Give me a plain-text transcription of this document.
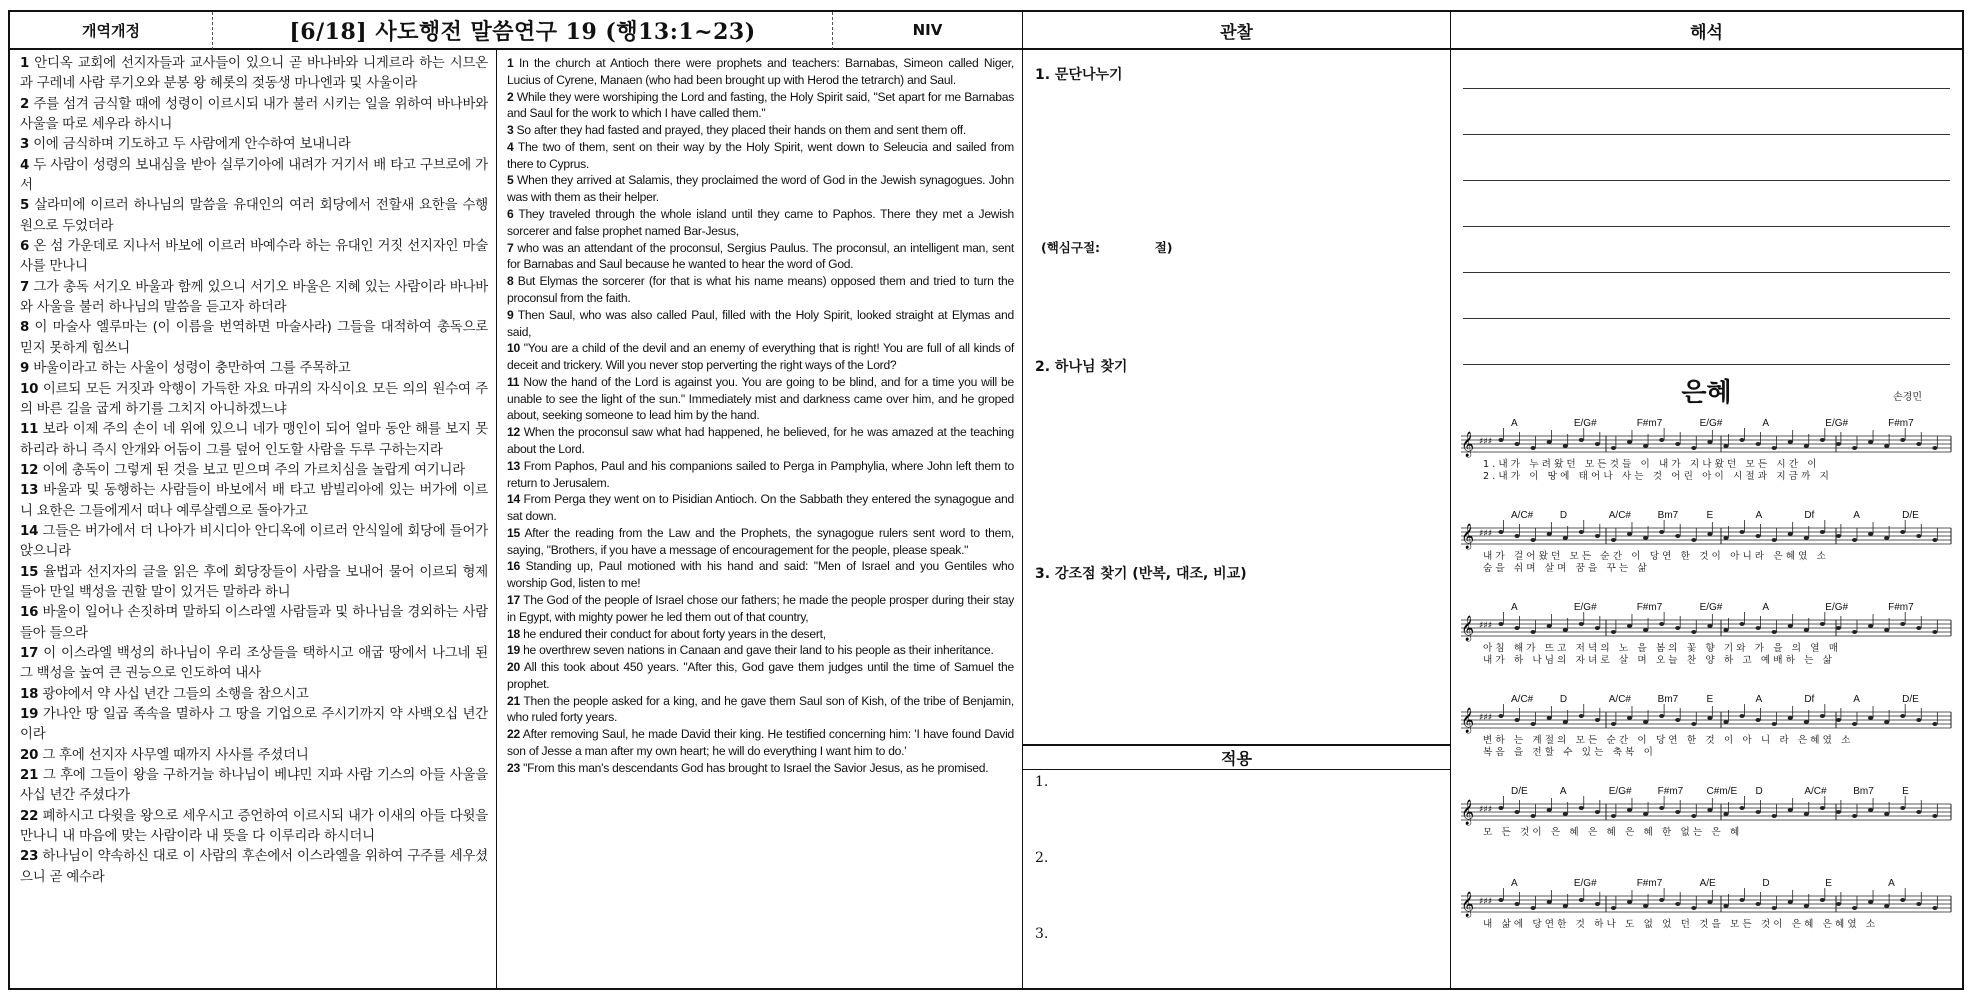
개역개정	[6/18] 사도행전 말씀연구 19 (행13:1~23)	NIV	관찰	해석
1 안디옥 교회에 선지자들과 교사들이 있으니 곧 바나바와 니게르라 하는 시므온과 구레네 사람 루기오와 분봉 왕 헤롯의 젖동생 마나엔과 및 사울이라
2 주를 섬겨 금식할 때에 성령이 이르시되 내가 불러 시키는 일을 위하여 바나바와 사울을 따로 세우라 하시니
3 이에 금식하며 기도하고 두 사람에게 안수하여 보내니라
4 두 사람이 성령의 보내심을 받아 실루기아에 내려가 거기서 배 타고 구브로에 가서
5 살라미에 이르러 하나님의 말씀을 유대인의 여러 회당에서 전할새 요한을 수행원으로 두었더라
6 온 섬 가운데로 지나서 바보에 이르러 바예수라 하는 유대인 거짓 선지자인 마술사를 만나니
7 그가 총독 서기오 바울과 함께 있으니 서기오 바울은 지혜 있는 사람이라 바나바와 사울을 불러 하나님의 말씀을 듣고자 하더라
8 이 마술사 엘루마는 (이 이름을 번역하면 마술사라) 그들을 대적하여 총독으로 믿지 못하게 힘쓰니
9 바울이라고 하는 사울이 성령이 충만하여 그를 주목하고
10 이르되 모든 거짓과 악행이 가득한 자요 마귀의 자식이요 모든 의의 원수여 주의 바른 길을 굽게 하기를 그치지 아니하겠느냐
11 보라 이제 주의 손이 네 위에 있으니 네가 맹인이 되어 얼마 동안 해를 보지 못하리라 하니 즉시 안개와 어둠이 그를 덮어 인도할 사람을 두루 구하는지라
12 이에 총독이 그렇게 된 것을 보고 믿으며 주의 가르치심을 놀랍게 여기니라
13 바울과 및 동행하는 사람들이 바보에서 배 타고 밤빌리아에 있는 버가에 이르니 요한은 그들에게서 떠나 예루살렘으로 돌아가고
14 그들은 버가에서 더 나아가 비시디아 안디옥에 이르러 안식일에 회당에 들어가 앉으니라
15 율법과 선지자의 글을 읽은 후에 회당장들이 사람을 보내어 물어 이르되 형제들아 만일 백성을 권할 말이 있거든 말하라 하니
16 바울이 일어나 손짓하며 말하되 이스라엘 사람들과 및 하나님을 경외하는 사람들아 들으라
17 이 이스라엘 백성의 하나님이 우리 조상들을 택하시고 애굽 땅에서 나그네 된 그 백성을 높여 큰 권능으로 인도하여 내사
18 광야에서 약 사십 년간 그들의 소행을 참으시고
19 가나안 땅 일곱 족속을 멸하사 그 땅을 기업으로 주시기까지 약 사백오십 년간이라
20 그 후에 선지자 사무엘 때까지 사사를 주셨더니
21 그 후에 그들이 왕을 구하거늘 하나님이 베냐민 지파 사람 기스의 아들 사울을 사십 년간 주셨다가
22 폐하시고 다윗을 왕으로 세우시고 증언하여 이르시되 내가 이새의 아들 다윗을 만나니 내 마음에 맞는 사람이라 내 뜻을 다 이루리라 하시더니
23 하나님이 약속하신 대로 이 사람의 후손에서 이스라엘을 위하여 구주를 세우셨으니 곧 예수라
1 In the church at Antioch there were prophets and teachers: Barnabas, Simeon called Niger, Lucius of Cyrene, Manaen (who had been brought up with Herod the tetrarch) and Saul.
2 While they were worshiping the Lord and fasting, the Holy Spirit said, "Set apart for me Barnabas and Saul for the work to which I have called them."
3 So after they had fasted and prayed, they placed their hands on them and sent them off.
4 The two of them, sent on their way by the Holy Spirit, went down to Seleucia and sailed from there to Cyprus.
5 When they arrived at Salamis, they proclaimed the word of God in the Jewish synagogues. John was with them as their helper.
6 They traveled through the whole island until they came to Paphos. There they met a Jewish sorcerer and false prophet named Bar-Jesus,
7 who was an attendant of the proconsul, Sergius Paulus. The proconsul, an intelligent man, sent for Barnabas and Saul because he wanted to hear the word of God.
8 But Elymas the sorcerer (for that is what his name means) opposed them and tried to turn the proconsul from the faith.
9 Then Saul, who was also called Paul, filled with the Holy Spirit, looked straight at Elymas and said,
10 "You are a child of the devil and an enemy of everything that is right! You are full of all kinds of deceit and trickery. Will you never stop perverting the right ways of the Lord?
11 Now the hand of the Lord is against you. You are going to be blind, and for a time you will be unable to see the light of the sun." Immediately mist and darkness came over him, and he groped about, seeking someone to lead him by the hand.
12 When the proconsul saw what had happened, he believed, for he was amazed at the teaching about the Lord.
13 From Paphos, Paul and his companions sailed to Perga in Pamphylia, where John left them to return to Jerusalem.
14 From Perga they went on to Pisidian Antioch. On the Sabbath they entered the synagogue and sat down.
15 After the reading from the Law and the Prophets, the synagogue rulers sent word to them, saying, "Brothers, if you have a message of encouragement for the people, please speak."
16 Standing up, Paul motioned with his hand and said: "Men of Israel and you Gentiles who worship God, listen to me!
17 The God of the people of Israel chose our fathers; he made the people prosper during their stay in Egypt, with mighty power he led them out of that country,
18 he endured their conduct for about forty years in the desert,
19 he overthrew seven nations in Canaan and gave their land to his people as their inheritance.
20 All this took about 450 years. "After this, God gave them judges until the time of Samuel the prophet.
21 Then the people asked for a king, and he gave them Saul son of Kish, of the tribe of Benjamin, who ruled forty years.
22 After removing Saul, he made David their king. He testified concerning him: 'I have found David son of Jesse a man after my own heart; he will do everything I want him to do.'
23 "From this man's descendants God has brought to Israel the Savior Jesus, as he promised.
1. 문단나누기
(핵심구절:	절)
2. 하나님 찾기
3. 강조점 찾기 (반복, 대조, 비교)
적용
1.
2.
3.
은혜	손경민
𝄞 ♯♯♯
𝄞 ♯♯♯
𝄞 ♯♯♯
𝄞 ♯♯♯
𝄞 ♯♯♯
𝄞 ♯♯♯
A	E/G#	F#m7	E/G#	A	E/G#	F#m7
1.내가 누려왔던 모든것들 이 내가 지나왔던 모든 시간 이
2.내가 이 땅에 태어나 사는 것 어린 아이 시절과 지금까 지
A/C#	D	A/C#	Bm7	E	A	Df	A	D/E
내가 걸어왔던 모든 순간 이 당연 한 것이 아니라 은혜였 소
숨을 쉬며 살며 꿈을 꾸는 삶
A	E/G#	F#m7	E/G#	A	E/G#	F#m7
아침 해가 뜨고 저녁의 노 을 봄의 꽃 향 기와 가 을 의 열 매
내가 하 나님의 자녀로 살 며 오늘 찬 양 하 고 예배하 는 삶
A/C#	D	A/C#	Bm7	E	A	Df	A	D/E
변하 는 계절의 모든 순간 이 당연 한 것 이 아 니 라 은혜였 소
복음 을 전할 수 있는 축복 이
D/E	A	E/G#	F#m7 C#m/E D	A/C#	Bm7	E
모 든 것이 은 혜 은 혜 은 혜 한 없는 은 혜
A	E/G#	F#m7	A/E	D	E	A
내 삶에 당연한 것 하나 도 없 었 던 것을 모든 것이 은혜 은혜였 소
